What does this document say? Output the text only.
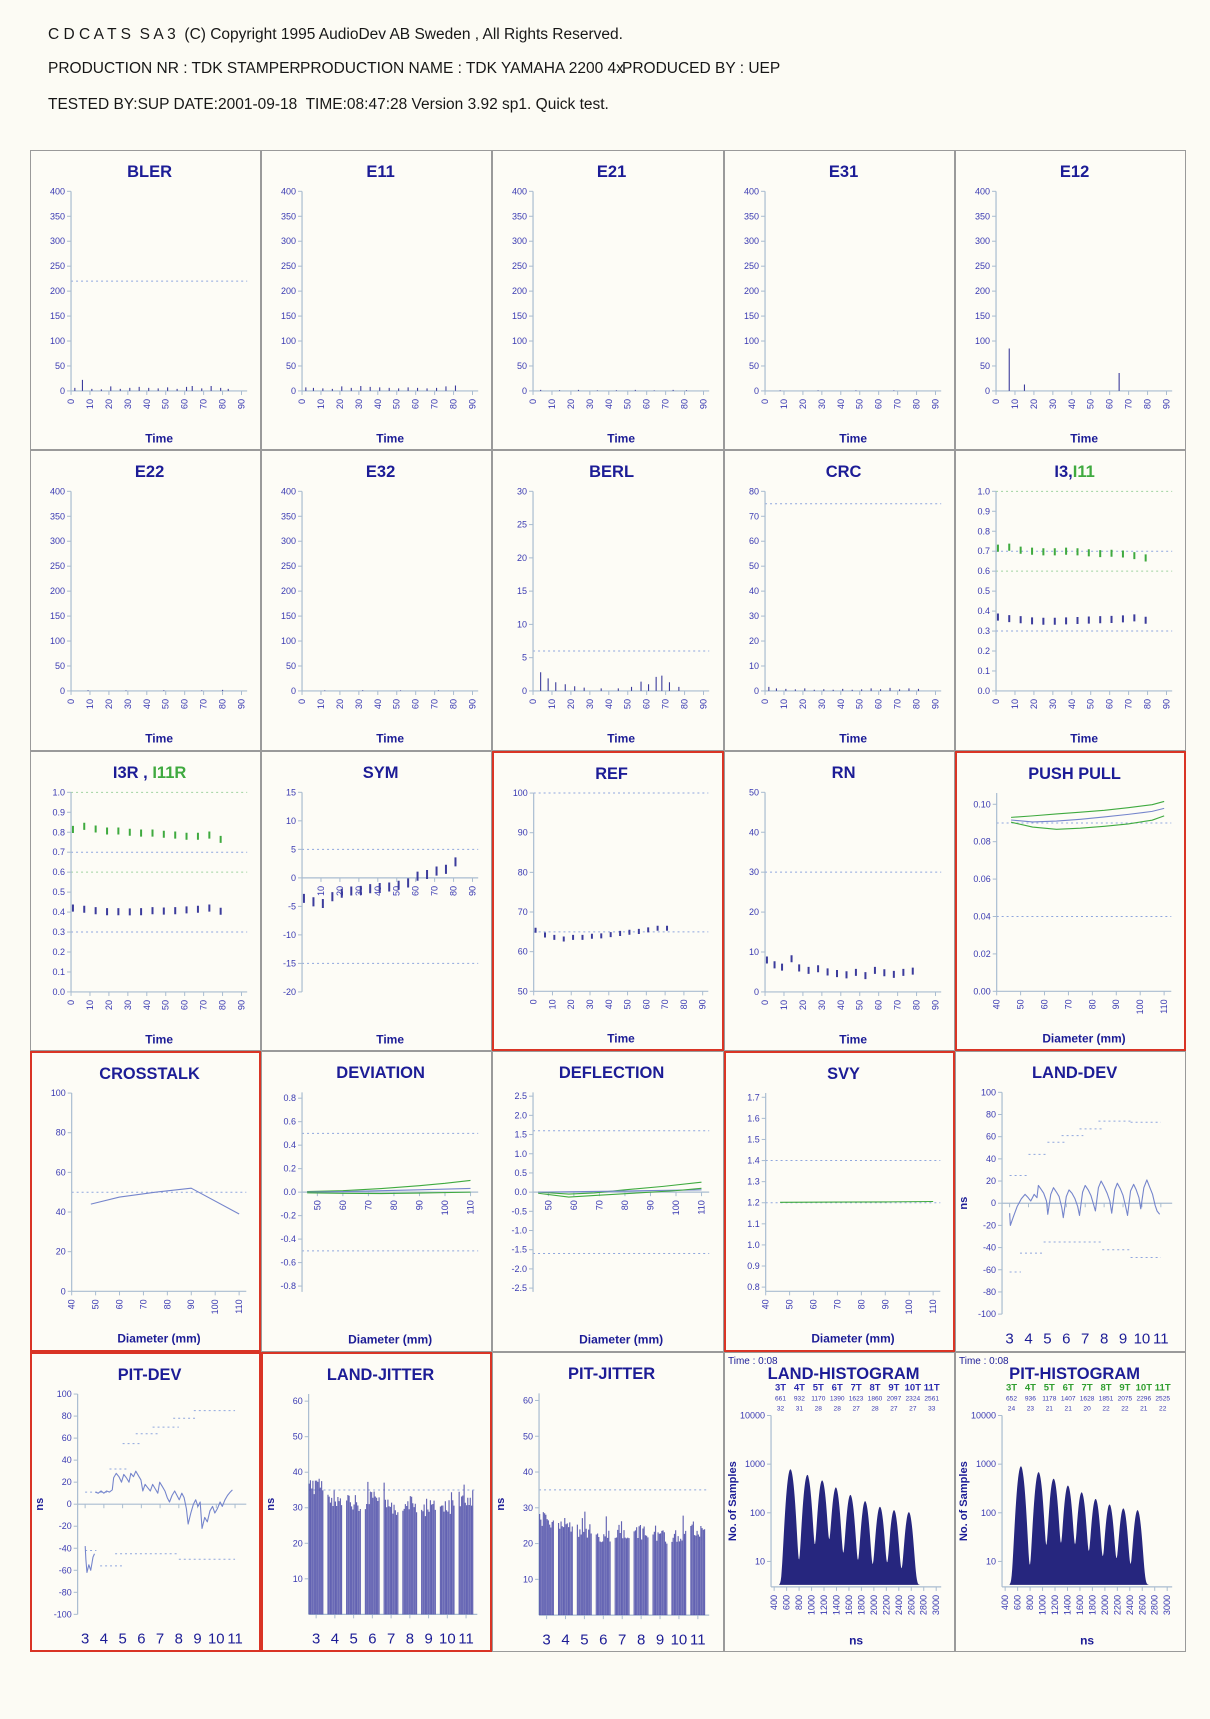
C D C A T S  S A 3  (C) Copyright 1995 AudioDev AB Sweden , All Rights Reserved.
PRODUCTION NR : TDK STAMPER PRODUCTION NAME : TDK YAMAHA 2200 4x
PRODUCED BY : UEP
TESTED BY:SUP DATE:2001-09-18  TIME:08:47:28 Version 3.92 sp1. Quick test.
BLER
0
50
100
150
200
250
300
350
400
0 10 20 30 40 50 60 70 80 90
Time
E11
0
50
100
150
200
250
300
350
400
0 10 20 30 40 50 60 70 80 90
Time
E21
0
50
100
150
200
250
300
350
400
0 10 20 30 40 50 60 70 80 90
Time
E31
0
50
100
150
200
250
300
350
400
0 10 20 30 40 50 60 70 80 90
Time
E12
0
50
100
150
200
250
300
350
400
0 10 20 30 40 50 60 70 80 90
Time
E22
0
50
100
150
200
250
300
350
400
0 10 20 30 40 50 60 70 80 90
Time
E32
0
50
100
150
200
250
300
350
400
0 10 20 30 40 50 60 70 80 90
Time
BERL
0
5
10
15
20
25
30
0 10 20 30 40 50 60 70 80 90
Time
CRC
0
10
20
30
40
50
60
70
80
0 10 20 30 40 50 60 70 80 90
Time
I3,I11
0.0
0.1
0.2
0.3
0.4
0.5
0.6
0.7
0.8
0.9
1.0
0 10 20 30 40 50 60 70 80 90
Time
I3R , I11R
0.0
0.1
0.2
0.3
0.4
0.5
0.6
0.7
0.8
0.9
1.0
0 10 20 30 40 50 60 70 80 90
Time
SYM
-20
-15
-10
-5
0
5
10
15
10 20 30 40 50 60 70 80 90
Time
REF
50
60
70
80
90
100
0 10 20 30 40 50 60 70 80 90
Time
RN
0
10
20
30
40
50
0 10 20 30 40 50 60 70 80 90
Time
PUSH PULL
0.00
0.02
0.04
0.06
0.08
0.10
40 50 60 70 80 90 100 110
Diameter (mm)
CROSSTALK
0
20
40
60
80
100
40 50 60 70 80 90 100 110
Diameter (mm)
DEVIATION
-0.8
-0.6
-0.4
-0.2
0.0
0.2
0.4
0.6
0.8
50 60 70 80 90 100 110
Diameter (mm)
DEFLECTION
-2.5
-2.0
-1.5
-1.0
-0.5
0.0
0.5
1.0
1.5
2.0
2.5
50 60 70 80 90 100 110
Diameter (mm)
SVY
0.8
0.9
1.0
1.1
1.2
1.3
1.4
1.5
1.6
1.7
40 50 60 70 80 90 100 110
Diameter (mm)
LAND-DEV
-100
-80
-60
-40
-20
0
20
40
60
80
100
3 4 5 6 7 8 9 10 11
ns
PIT-DEV
-100
-80
-60
-40
-20
0
20
40
60
80
100
3 4 5 6 7 8 9 10 11
ns
LAND-JITTER
10
20
30
40
50
60
3 4 5 6 7 8 9 10 11
ns
PIT-JITTER
10
20
30
40
50
60
3 4 5 6 7 8 9 10 11
ns
LAND-HISTOGRAM
Time : 0:08
3T
661
32
4T
932
31
5T
1170
28
6T
1390
28
7T
1623
27
8T
1860
28
9T
2097
27
10T
2324
27
11T
2561
33
10
100
1000
10000
400 600 800 1000 1200 1400 1600 1800 2000 2200 2400 2600 2800 3000
ns
No. of Samples
PIT-HISTOGRAM
Time : 0:08
3T
652
24
4T
936
23
5T
1178
21
6T
1407
21
7T
1628
20
8T
1851
22
9T
2075
22
10T
2296
21
11T
2525
22
10
100
1000
10000
400 600 800 1000 1200 1400 1600 1800 2000 2200 2400 2600 2800 3000
ns
No. of Samples
